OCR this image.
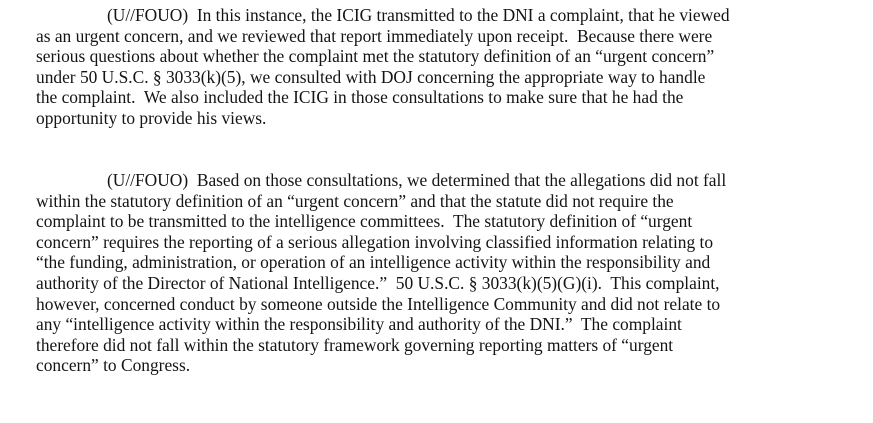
(U//FOUO)  In this instance, the ICIG transmitted to the DNI a complaint, that he viewed
as an urgent concern, and we reviewed that report immediately upon receipt.  Because there were
serious questions about whether the complaint met the statutory definition of an “urgent concern”
under 50 U.S.C. § 3033(k)(5), we consulted with DOJ concerning the appropriate way to handle
the complaint.  We also included the ICIG in those consultations to make sure that he had the
opportunity to provide his views.
(U//FOUO)  Based on those consultations, we determined that the allegations did not fall
within the statutory definition of an “urgent concern” and that the statute did not require the
complaint to be transmitted to the intelligence committees.  The statutory definition of “urgent
concern” requires the reporting of a serious allegation involving classified information relating to
“the funding, administration, or operation of an intelligence activity within the responsibility and
authority of the Director of National Intelligence.”  50 U.S.C. § 3033(k)(5)(G)(i).  This complaint,
however, concerned conduct by someone outside the Intelligence Community and did not relate to
any “intelligence activity within the responsibility and authority of the DNI.”  The complaint
therefore did not fall within the statutory framework governing reporting matters of “urgent
concern” to Congress.
